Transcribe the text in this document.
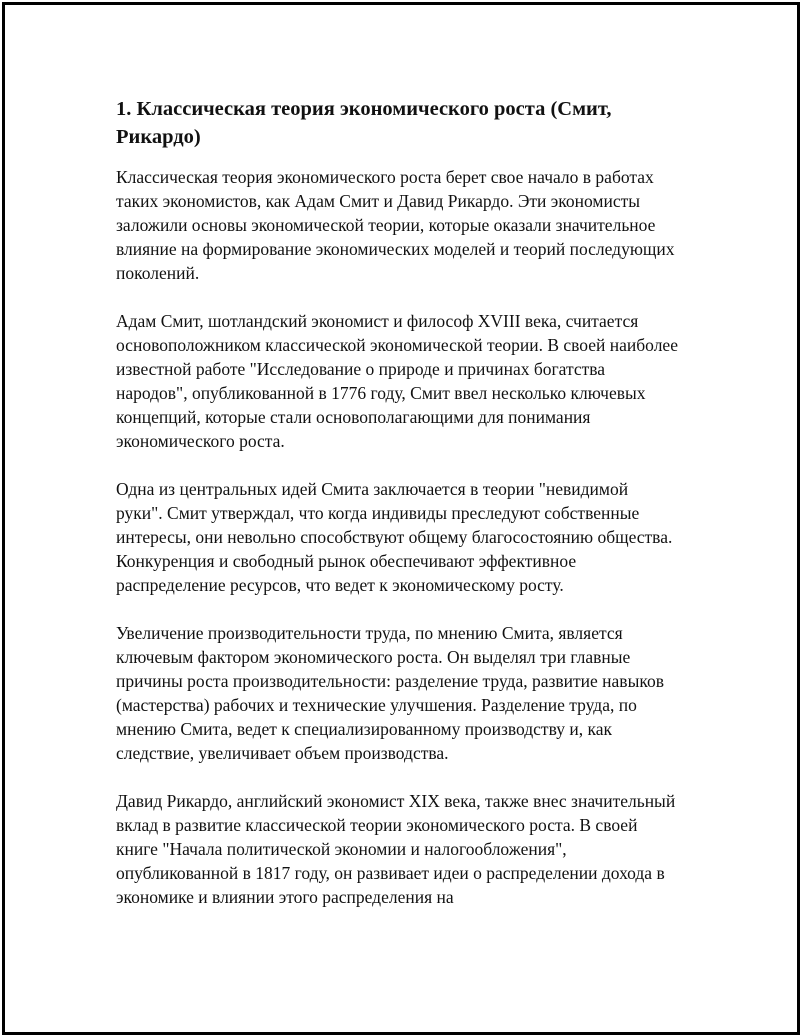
1. Классическая теория экономического роста (Смит, Рикардо)

Классическая теория экономического роста берет свое начало в работах таких экономистов, как Адам Смит и Давид Рикардо. Эти экономисты заложили основы экономической теории, которые оказали значительное влияние на формирование экономических моделей и теорий последующих поколений.

Адам Смит, шотландский экономист и философ XVIII века, считается основоположником классической экономической теории. В своей наиболее известной работе "Исследование о природе и причинах богатства народов", опубликованной в 1776 году, Смит ввел несколько ключевых концепций, которые стали основополагающими для понимания экономического роста.

Одна из центральных идей Смита заключается в теории "невидимой руки". Смит утверждал, что когда индивиды преследуют собственные интересы, они невольно способствуют общему благосостоянию общества. Конкуренция и свободный рынок обеспечивают эффективное распределение ресурсов, что ведет к экономическому росту.

Увеличение производительности труда, по мнению Смита, является ключевым фактором экономического роста. Он выделял три главные причины роста производительности: разделение труда, развитие навыков (мастерства) рабочих и технические улучшения. Разделение труда, по мнению Смита, ведет к специализированному производству и, как следствие, увеличивает объем производства.

Давид Рикардо, английский экономист XIX века, также внес значительный вклад в развитие классической теории экономического роста. В своей книге "Начала политической экономии и налогообложения", опубликованной в 1817 году, он развивает идеи о распределении дохода в экономике и влиянии этого распределения на
